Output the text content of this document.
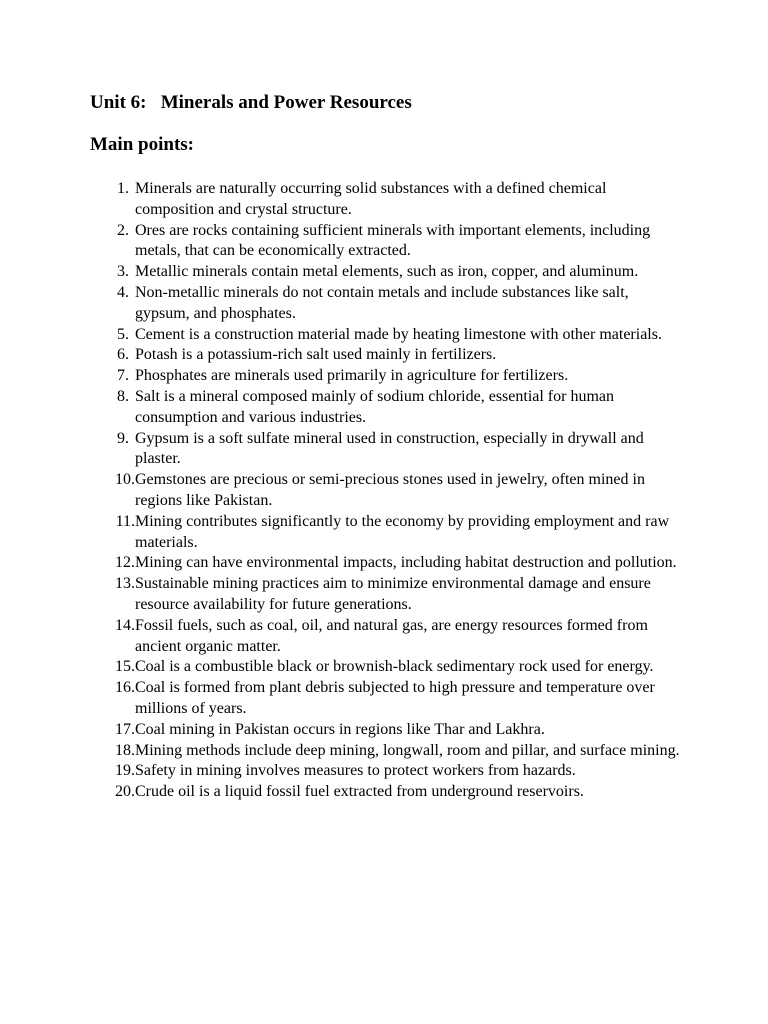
Unit 6:   Minerals and Power Resources
Main points:
1. Minerals are naturally occurring solid substances with a defined chemical composition and crystal structure.
2. Ores are rocks containing sufficient minerals with important elements, including metals, that can be economically extracted.
3. Metallic minerals contain metal elements, such as iron, copper, and aluminum.
4. Non-metallic minerals do not contain metals and include substances like salt, gypsum, and phosphates.
5. Cement is a construction material made by heating limestone with other materials.
6. Potash is a potassium-rich salt used mainly in fertilizers.
7. Phosphates are minerals used primarily in agriculture for fertilizers.
8. Salt is a mineral composed mainly of sodium chloride, essential for human consumption and various industries.
9. Gypsum is a soft sulfate mineral used in construction, especially in drywall and plaster.
10. Gemstones are precious or semi-precious stones used in jewelry, often mined in regions like Pakistan.
11. Mining contributes significantly to the economy by providing employment and raw materials.
12. Mining can have environmental impacts, including habitat destruction and pollution.
13. Sustainable mining practices aim to minimize environmental damage and ensure resource availability for future generations.
14. Fossil fuels, such as coal, oil, and natural gas, are energy resources formed from ancient organic matter.
15. Coal is a combustible black or brownish-black sedimentary rock used for energy.
16. Coal is formed from plant debris subjected to high pressure and temperature over millions of years.
17. Coal mining in Pakistan occurs in regions like Thar and Lakhra.
18. Mining methods include deep mining, longwall, room and pillar, and surface mining.
19. Safety in mining involves measures to protect workers from hazards.
20. Crude oil is a liquid fossil fuel extracted from underground reservoirs.
